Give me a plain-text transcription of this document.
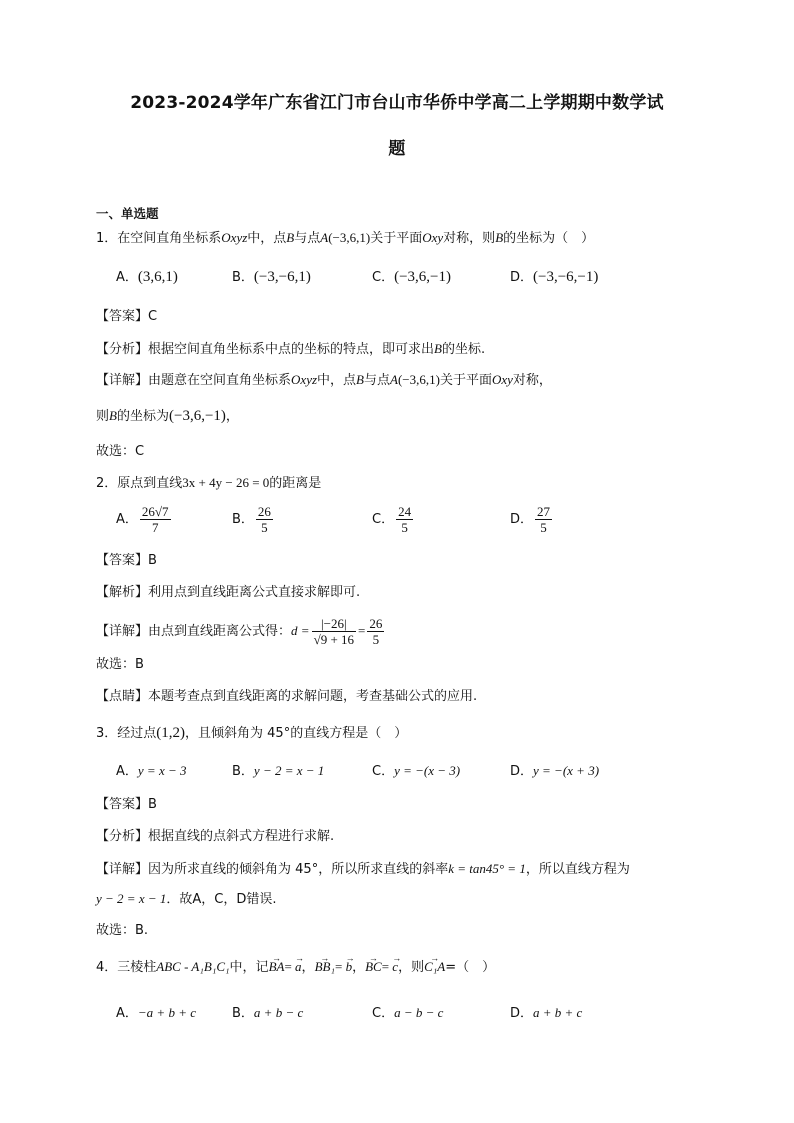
2023-2024学年广东省江门市台山市华侨中学高二上学期期中数学试
题
一、单选题
1．在空间直角坐标系Oxyz中，点B与点A(−3,6,1)关于平面Oxy对称，则B的坐标为（　）
A．(3,6,1)	B．(−3,−6,1)	C．(−3,6,−1)	D．(−3,−6,−1)
【答案】C
【分析】根据空间直角坐标系中点的坐标的特点，即可求出B的坐标.
【详解】由题意在空间直角坐标系Oxyz中，点B与点A(−3,6,1)关于平面Oxy对称，
则B的坐标为(−3,6,−1)，
故选：C
2．原点到直线3x + 4y − 26 = 0的距离是
A． $\frac{26√7}{7}$	B． $\frac{26}{5}$	C． $\frac{24}{5}$	D． $\frac{27}{5}$
【答案】B
【解析】利用点到直线距离公式直接求解即可.
【详解】由点到直线距离公式得：$d = \frac{|-26|}{√9 + 16} = \frac{26}{5}$
故选：B
【点睛】本题考查点到直线距离的求解问题，考查基础公式的应用.
3．经过点(1,2)，且倾斜角为 45°的直线方程是（　）
A．y = x − 3	B．y − 2 = x − 1	C．y = −(x − 3)	D．y = −(x + 3)
【答案】B
【分析】根据直线的点斜式方程进行求解.
【详解】因为所求直线的倾斜角为 45°，所以所求直线的斜率k = tan45° = 1，所以直线方程为
y − 2 = x − 1．故A，C，D错误.
故选：B.
4．三棱柱ABC - A₁B₁C₁中，记→ BA= → a，→ BB₁= → b，→ BC= → c，则→ C₁A=（　）
A．−a + b + c	B．a + b − c	C．a − b − c	D．a + b + c
